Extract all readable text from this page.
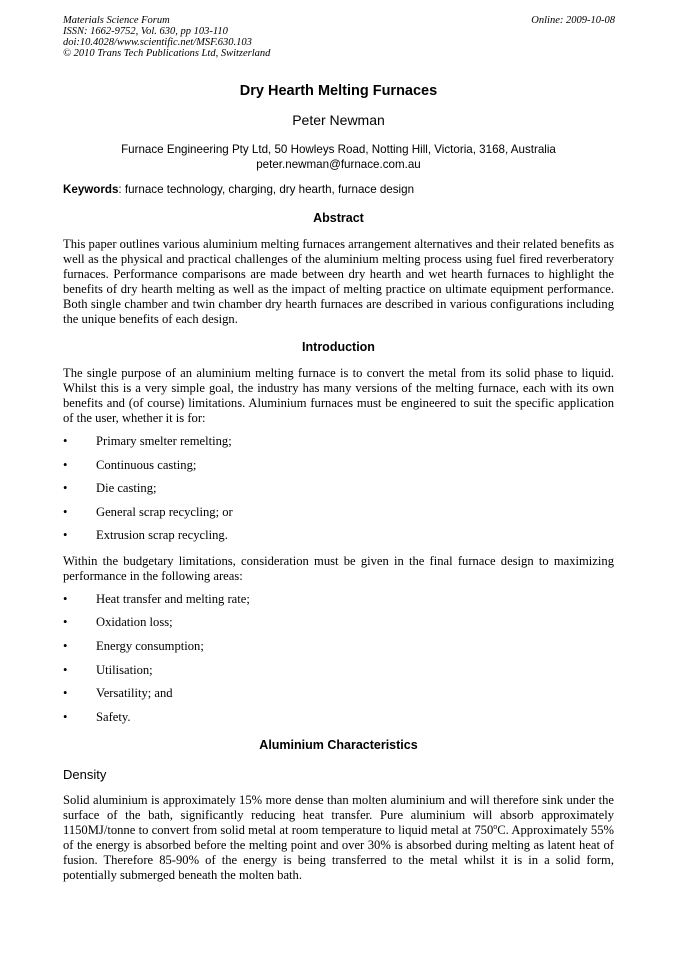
Materials Science Forum
ISSN: 1662-9752, Vol. 630, pp 103-110
doi:10.4028/www.scientific.net/MSF.630.103
© 2010 Trans Tech Publications Ltd, Switzerland
Online: 2009-10-08
Dry Hearth Melting Furnaces
Peter Newman
Furnace Engineering Pty Ltd, 50 Howleys Road, Notting Hill, Victoria, 3168, Australia
peter.newman@furnace.com.au
Keywords: furnace technology, charging, dry hearth, furnace design
Abstract

This paper outlines various aluminium melting furnaces arrangement alternatives and their related benefits as well as the physical and practical challenges of the aluminium melting process using fuel fired reverberatory furnaces. Performance comparisons are made between dry hearth and wet hearth furnaces to highlight the benefits of dry hearth melting as well as the impact of melting practice on ultimate equipment performance. Both single chamber and twin chamber dry hearth furnaces are described in various configurations including the unique benefits of each design.

Introduction

The single purpose of an aluminium melting furnace is to convert the metal from its solid phase to liquid. Whilst this is a very simple goal, the industry has many versions of the melting furnace, each with its own benefits and (of course) limitations. Aluminium furnaces must be engineered to suit the specific application of the user, whether it is for:

• Primary smelter remelting;
• Continuous casting;
• Die casting;
• General scrap recycling; or
• Extrusion scrap recycling.

Within the budgetary limitations, consideration must be given in the final furnace design to maximizing performance in the following areas:

• Heat transfer and melting rate;
• Oxidation loss;
• Energy consumption;
• Utilisation;
• Versatility; and
• Safety.
Aluminium Characteristics
Density

Solid aluminium is approximately 15% more dense than molten aluminium and will therefore sink under the surface of the bath, significantly reducing heat transfer. Pure aluminium will absorb approximately 1150MJ/tonne to convert from solid metal at room temperature to liquid metal at 750$^o$C. Approximately 55% of the energy is absorbed before the melting point and over 30% is absorbed during melting as latent heat of fusion. Therefore 85-90% of the energy is being transferred to the metal whilst it is in a solid form, potentially submerged beneath the molten bath.
